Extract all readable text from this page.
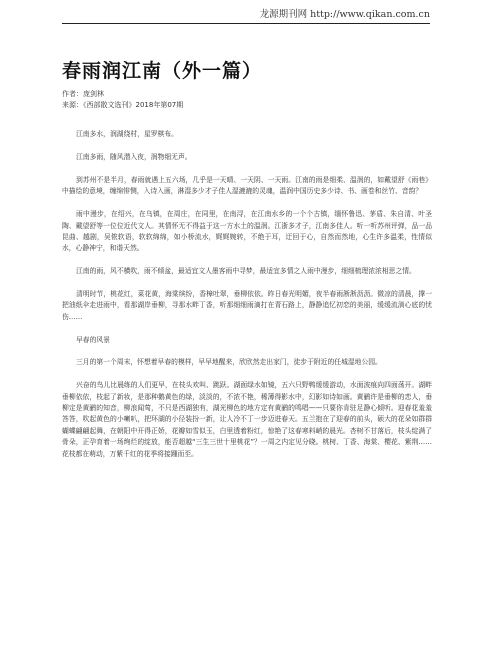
龙源期刊网 http://www.qikan.com.cn
春雨润江南（外一篇）
作者：庞剑林
来源：《西部散文选刊》2018年第07期

江南多水，润湖绕村，星罗棋布。

江南多雨，随风潜入夜，润物细无声。

到苏州不是半月，春雨就遇上五六场，几乎是一天晴、一天阴、一天雨。江南的雨是细柔、温润的，如戴望舒《雨巷》中描绘的意境，缠绵悱恻，入诗入画，淋湿多少才子佳人湿漉漉的灵魂，温润中国历史多少诗、书、画卷和丝竹、音韵？

雨中漫步，在绍兴，在乌镇，在周庄，在同里，在南浔，在江南水乡的一个个古镇，缅怀鲁迅、茅盾、朱自清、叶圣陶、戴望舒等一位位近代文人。其情怀无不得益于这一方水土的温润。江浙多才子，江南多佳人。听一听苏州评弹，品一品昆曲、越剧，吴侬软语，软软绵绵，如小桥流水，娓娓婉转，不绝于耳，迂回于心，自然而然地，心生许多温柔，性情似水，心静神宁，和谐天然。

江南的雨，风不横吹，雨不倾盆，最适宜文人墨客雨中寻梦，最适宜多情之人雨中漫步，细细梳理浓浓相思之情。

清明时节，桃花红，菜花黄，海棠缤纷，香樟吐翠，垂柳依依。昨日春光明媚，夜半春雨淅淅沥沥。微凉的清晨，撑一把油纸伞走进雨中，看那湖岸垂柳，寻那水畔丁香，听那细细雨滴打在青石路上，静静追忆初恋的美丽，缓缓流淌心底的忧伤……

早春的风景

三月的第一个周末，怀想着早春的模样，早早地醒来，欣欣然走出家门，徒步于附近的任城湿地公园。

兴奋的鸟儿比晨练的人们更早，在枝头欢叫、跳跃。湖面绿水如镜，五六只野鸭缓缓游动，水面波痕向四面荡开。湖畔垂柳依依，枝起了新妆，是那种鹅黄色的绿，淡淡的，不浓不艳，稀薄得影水中，幻影如诗如画。黄鹂许是垂柳的恋人，垂柳定是黄鹂的知音，柳浪闻莺，不只是西湖独有，湖光柳色的地方定有黄鹂的鸣唱——只要你肯驻足静心倾听。迎春花羞羞答答，吹起黄色的小喇叭，把环湖的小径装扮一新，让人冷不丁一步迈进春天。五兰抱在了迎春的前头，硕大的花朵如群群蝴蝶翩翩起舞，在朝阳中开得正娇，花瓣如雪似玉，白里透着粉红，惊艳了这春寒料峭的晨光。杏树不甘落后，枝头绽满了骨朵，正孕育着一场绚烂的绽放，能否超越“三生三世十里桃花”？一周之内定见分晓。桃树、丁香、海棠、樱花、紫荆……花枝都在萌动，万紫千红的花季将接踵而至。
